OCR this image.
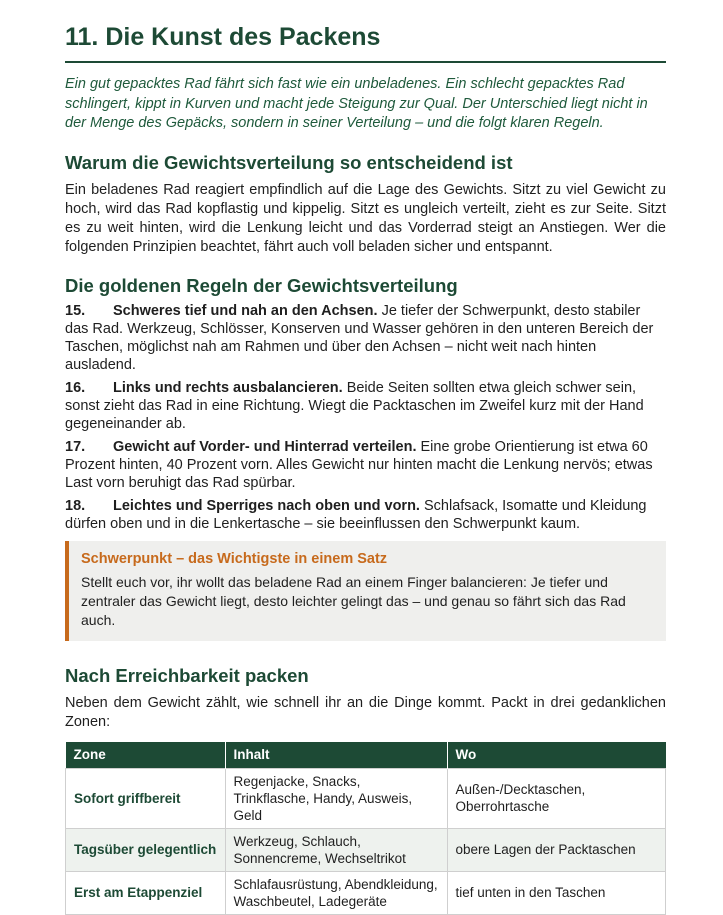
11. Die Kunst des Packens

Ein gut gepacktes Rad fährt sich fast wie ein unbeladenes. Ein schlecht gepacktes Rad schlingert, kippt in Kurven und macht jede Steigung zur Qual. Der Unterschied liegt nicht in der Menge des Gepäcks, sondern in seiner Verteilung – und die folgt klaren Regeln.

Warum die Gewichtsverteilung so entscheidend ist

Ein beladenes Rad reagiert empfindlich auf die Lage des Gewichts. Sitzt zu viel Gewicht zu hoch, wird das Rad kopflastig und kippelig. Sitzt es ungleich verteilt, zieht es zur Seite. Sitzt es zu weit hinten, wird die Lenkung leicht und das Vorderrad steigt an Anstiegen. Wer die folgenden Prinzipien beachtet, fährt auch voll beladen sicher und entspannt.

Die goldenen Regeln der Gewichtsverteilung
15. Schweres tief und nah an den Achsen. Je tiefer der Schwerpunkt, desto stabiler das Rad. Werkzeug, Schlösser, Konserven und Wasser gehören in den unteren Bereich der Taschen, möglichst nah am Rahmen und über den Achsen – nicht weit nach hinten ausladend.
16. Links und rechts ausbalancieren. Beide Seiten sollten etwa gleich schwer sein, sonst zieht das Rad in eine Richtung. Wiegt die Packtaschen im Zweifel kurz mit der Hand gegeneinander ab.
17. Gewicht auf Vorder- und Hinterrad verteilen. Eine grobe Orientierung ist etwa 60 Prozent hinten, 40 Prozent vorn. Alles Gewicht nur hinten macht die Lenkung nervös; etwas Last vorn beruhigt das Rad spürbar.
18. Leichtes und Sperriges nach oben und vorn. Schlafsack, Isomatte und Kleidung dürfen oben und in die Lenkertasche – sie beeinflussen den Schwerpunkt kaum.
Schwerpunkt – das Wichtigste in einem Satz
Stellt euch vor, ihr wollt das beladene Rad an einem Finger balancieren: Je tiefer und zentraler das Gewicht liegt, desto leichter gelingt das – und genau so fährt sich das Rad auch.
Nach Erreichbarkeit packen

Neben dem Gewicht zählt, wie schnell ihr an die Dinge kommt. Packt in drei gedanklichen Zonen:

Zone	Inhalt	Wo
Sofort griffbereit	Regenjacke, Snacks, Trinkflasche, Handy, Ausweis, Geld	Außen-/Decktaschen, Oberrohrtasche
Tagsüber gelegentlich	Werkzeug, Schlauch, Sonnencreme, Wechseltrikot	obere Lagen der Packtaschen
Erst am Etappenziel	Schlafausrüstung, Abendkleidung, Waschbeutel, Ladegeräte	tief unten in den Taschen
